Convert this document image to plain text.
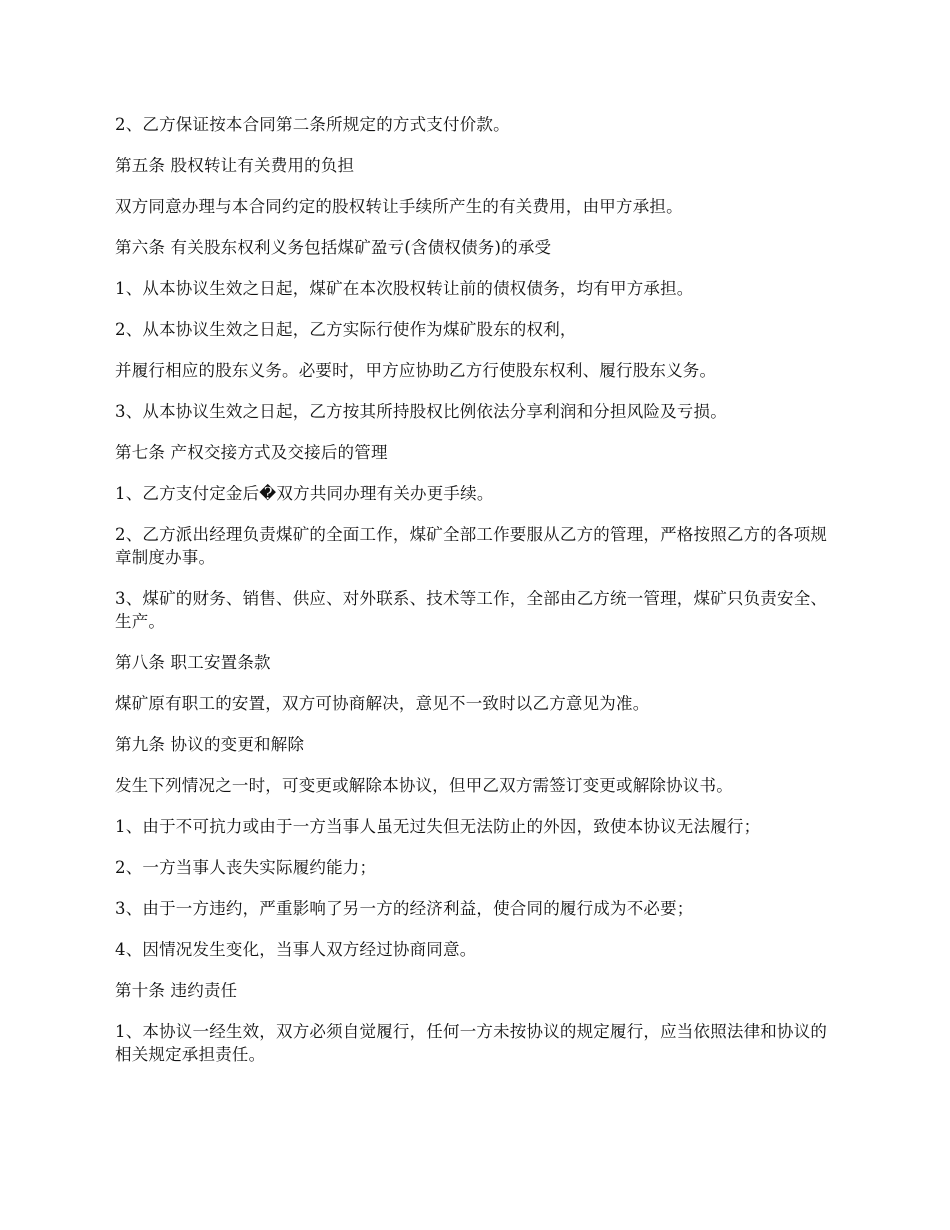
2、乙方保证按本合同第二条所规定的方式支付价款。

第五条 股权转让有关费用的负担

双方同意办理与本合同约定的股权转让手续所产生的有关费用，由甲方承担。

第六条 有关股东权利义务包括煤矿盈亏(含债权债务)的承受

1、从本协议生效之日起，煤矿在本次股权转让前的债权债务，均有甲方承担。

2、从本协议生效之日起，乙方实际行使作为煤矿股东的权利，

并履行相应的股东义务。必要时，甲方应协助乙方行使股东权利、履行股东义务。

3、从本协议生效之日起，乙方按其所持股权比例依法分享利润和分担风险及亏损。

第七条 产权交接方式及交接后的管理

1、乙方支付定金后�双方共同办理有关办更手续。

2、乙方派出经理负责煤矿的全面工作，煤矿全部工作要服从乙方的管理，严格按照乙方的各项规章制度办事。

3、煤矿的财务、销售、供应、对外联系、技术等工作，全部由乙方统一管理，煤矿只负责安全、生产。

第八条 职工安置条款

煤矿原有职工的安置，双方可协商解决，意见不一致时以乙方意见为准。

第九条 协议的变更和解除

发生下列情况之一时，可变更或解除本协议，但甲乙双方需签订变更或解除协议书。

1、由于不可抗力或由于一方当事人虽无过失但无法防止的外因，致使本协议无法履行；

2、一方当事人丧失实际履约能力；

3、由于一方违约，严重影响了另一方的经济利益，使合同的履行成为不必要；

4、因情况发生变化，当事人双方经过协商同意。

第十条 违约责任

1、本协议一经生效，双方必须自觉履行，任何一方未按协议的规定履行，应当依照法律和协议的相关规定承担责任。
